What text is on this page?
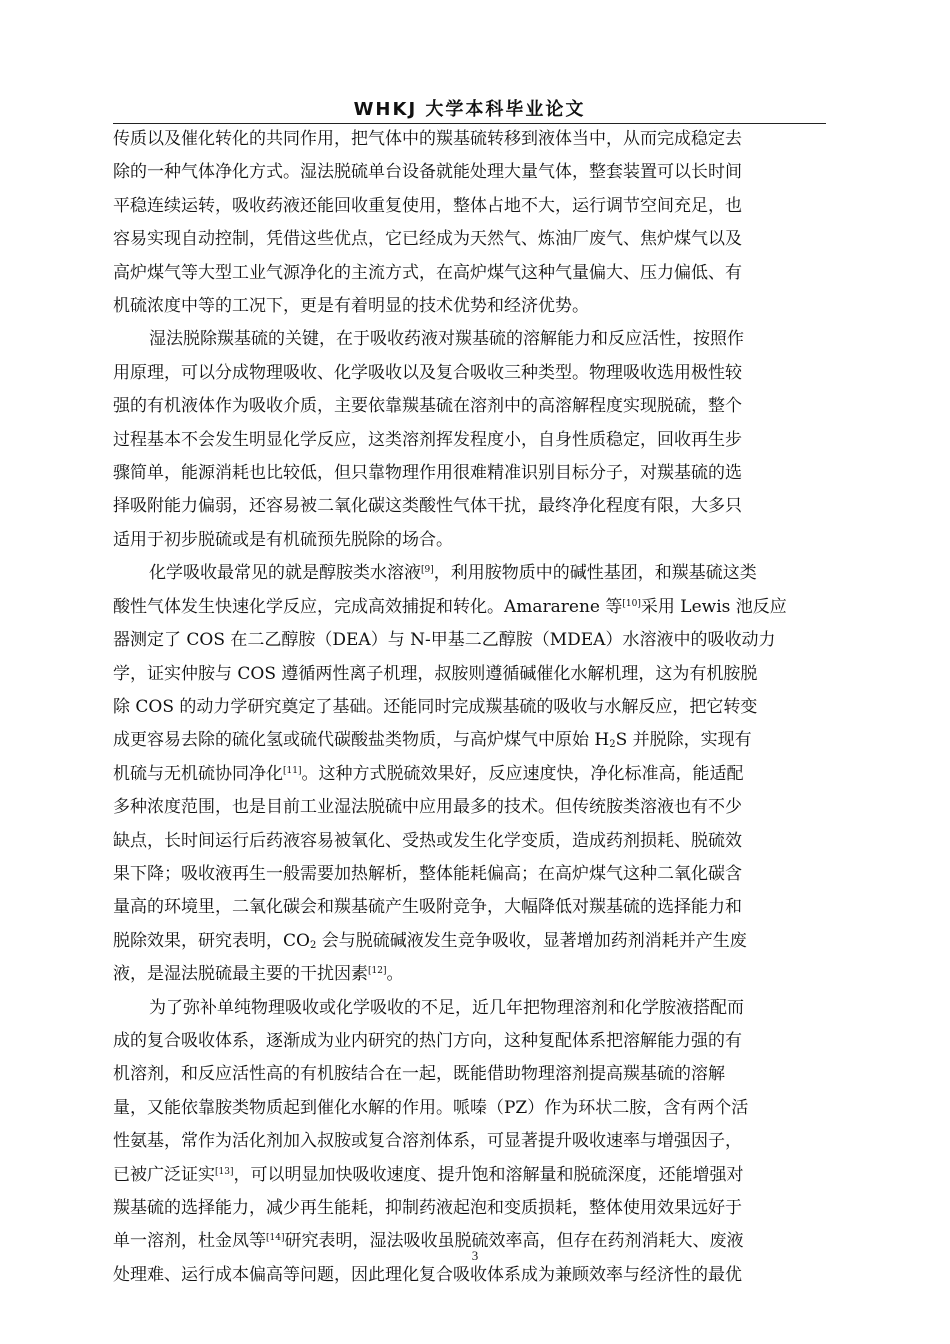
WHKJ 大学本科毕业论文

传质以及催化转化的共同作用，把气体中的羰基硫转移到液体当中，从而完成稳定去
除的一种气体净化方式。湿法脱硫单台设备就能处理大量气体，整套装置可以长时间
平稳连续运转，吸收药液还能回收重复使用，整体占地不大，运行调节空间充足，也
容易实现自动控制，凭借这些优点，它已经成为天然气、炼油厂废气、焦炉煤气以及
高炉煤气等大型工业气源净化的主流方式，在高炉煤气这种气量偏大、压力偏低、有
机硫浓度中等的工况下，更是有着明显的技术优势和经济优势。

湿法脱除羰基硫的关键，在于吸收药液对羰基硫的溶解能力和反应活性，按照作
用原理，可以分成物理吸收、化学吸收以及复合吸收三种类型。物理吸收选用极性较
强的有机液体作为吸收介质，主要依靠羰基硫在溶剂中的高溶解程度实现脱硫，整个
过程基本不会发生明显化学反应，这类溶剂挥发程度小，自身性质稳定，回收再生步
骤简单，能源消耗也比较低，但只靠物理作用很难精准识别目标分子，对羰基硫的选
择吸附能力偏弱，还容易被二氧化碳这类酸性气体干扰，最终净化程度有限，大多只
适用于初步脱硫或是有机硫预先脱除的场合。

化学吸收最常见的就是醇胺类水溶液[9]，利用胺物质中的碱性基团，和羰基硫这类
酸性气体发生快速化学反应，完成高效捕捉和转化。Amararene 等[10]采用 Lewis 池反应
器测定了 COS 在二乙醇胺（DEA）与 N-甲基二乙醇胺（MDEA）水溶液中的吸收动力
学，证实仲胺与 COS 遵循两性离子机理，叔胺则遵循碱催化水解机理，这为有机胺脱
除 COS 的动力学研究奠定了基础。还能同时完成羰基硫的吸收与水解反应，把它转变
成更容易去除的硫化氢或硫代碳酸盐类物质，与高炉煤气中原始 $H_2S$ 并脱除，实现有
机硫与无机硫协同净化[11]。这种方式脱硫效果好，反应速度快，净化标准高，能适配
多种浓度范围，也是目前工业湿法脱硫中应用最多的技术。但传统胺类溶液也有不少
缺点，长时间运行后药液容易被氧化、受热或发生化学变质，造成药剂损耗、脱硫效
果下降；吸收液再生一般需要加热解析，整体能耗偏高；在高炉煤气这种二氧化碳含
量高的环境里，二氧化碳会和羰基硫产生吸附竞争，大幅降低对羰基硫的选择能力和
脱除效果，研究表明，$CO_2$ 会与脱硫碱液发生竞争吸收，显著增加药剂消耗并产生废
液，是湿法脱硫最主要的干扰因素[12]。

为了弥补单纯物理吸收或化学吸收的不足，近几年把物理溶剂和化学胺液搭配而
成的复合吸收体系，逐渐成为业内研究的热门方向，这种复配体系把溶解能力强的有
机溶剂，和反应活性高的有机胺结合在一起，既能借助物理溶剂提高羰基硫的溶解
量，又能依靠胺类物质起到催化水解的作用。哌嗪（PZ）作为环状二胺，含有两个活
性氨基，常作为活化剂加入叔胺或复合溶剂体系，可显著提升吸收速率与增强因子，
已被广泛证实[13]，可以明显加快吸收速度、提升饱和溶解量和脱硫深度，还能增强对
羰基硫的选择能力，减少再生能耗，抑制药液起泡和变质损耗，整体使用效果远好于
单一溶剂，杜金凤等[14]研究表明，湿法吸收虽脱硫效率高，但存在药剂消耗大、废液
处理难、运行成本偏高等问题，因此理化复合吸收体系成为兼顾效率与经济性的最优

3
